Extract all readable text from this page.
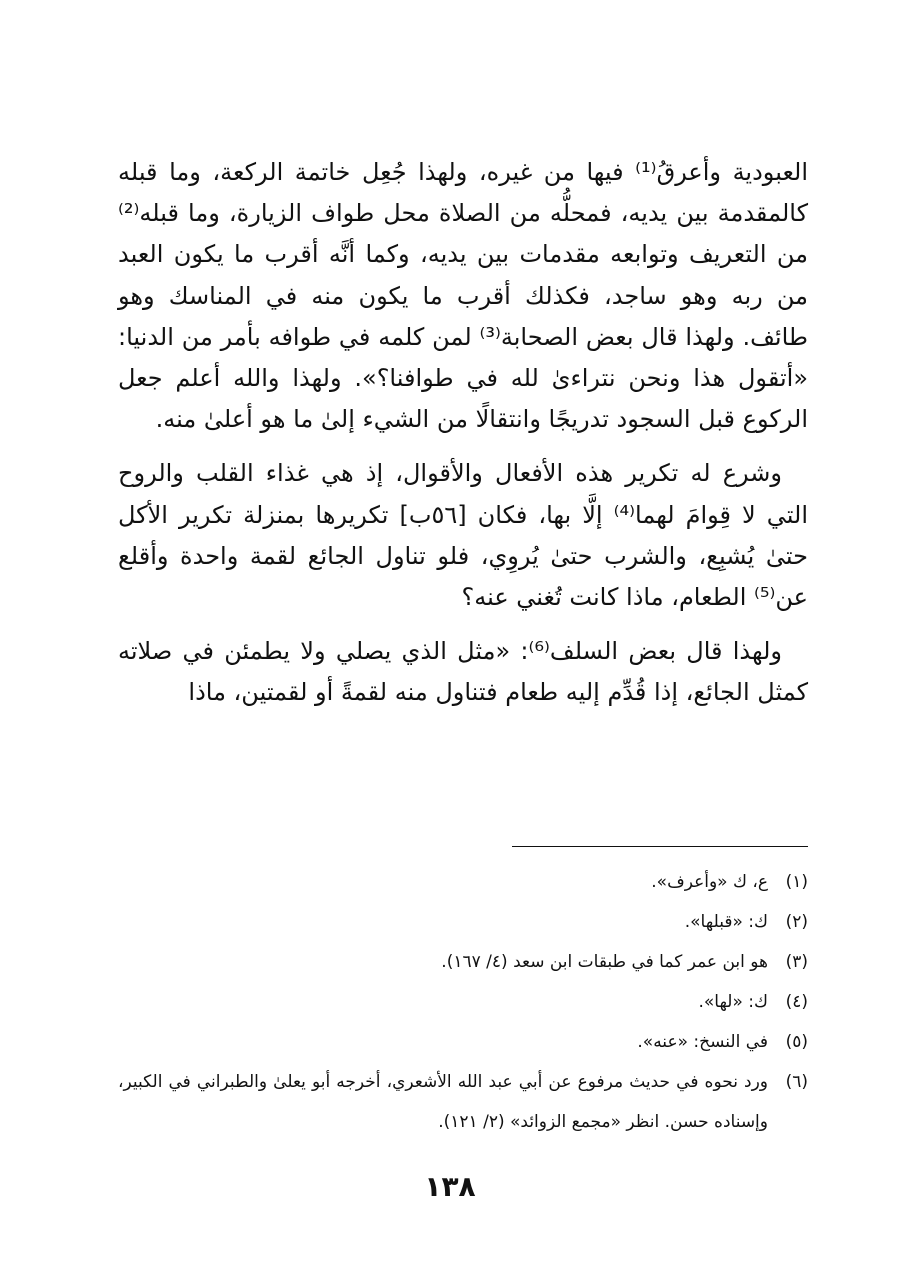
العبودية وأعرقُ⁽¹⁾ فيها من غيره، ولهذا جُعِل خاتمة الركعة، وما قبله كالمقدمة بين يديه، فمحلُّه من الصلاة محل طواف الزيارة، وما قبله⁽²⁾ من التعريف وتوابعه مقدمات بين يديه، وكما أنَّه أقرب ما يكون العبد من ربه وهو ساجد، فكذلك أقرب ما يكون منه في المناسك وهو طائف. ولهذا قال بعض الصحابة⁽³⁾ لمن كلمه في طوافه بأمر من الدنيا: «أتقول هذا ونحن نتراءىٰ لله في طوافنا؟». ولهذا والله أعلم جعل الركوع قبل السجود تدريجًا وانتقالًا من الشيء إلىٰ ما هو أعلىٰ منه.

وشرع له تكرير هذه الأفعال والأقوال، إذ هي غذاء القلب والروح التي لا قِوامَ لهما⁽⁴⁾ إلَّا بها، فكان [٥٦ب] تكريرها بمنزلة تكرير الأكل حتىٰ يُشبِع، والشرب حتىٰ يُروِي، فلو تناول الجائع لقمة واحدة وأقلع عن⁽⁵⁾ الطعام، ماذا كانت تُغني عنه؟

ولهذا قال بعض السلف⁽⁶⁾: «مثل الذي يصلي ولا يطمئن في صلاته كمثل الجائع، إذا قُدِّم إليه طعام فتناول منه لقمةً أو لقمتين، ماذا

(١)
ع، ك «وأعرف».
(٢)
ك: «قبلها».
(٣)
هو ابن عمر كما في طبقات ابن سعد (٤/ ١٦٧).
(٤)
ك: «لها».
(٥)
في النسخ: «عنه».
(٦)
ورد نحوه في حديث مرفوع عن أبي عبد الله الأشعري، أخرجه أبو يعلىٰ والطبراني في الكبير، وإسناده حسن. انظر «مجمع الزوائد» (٢/ ١٢١).
١٣٨
